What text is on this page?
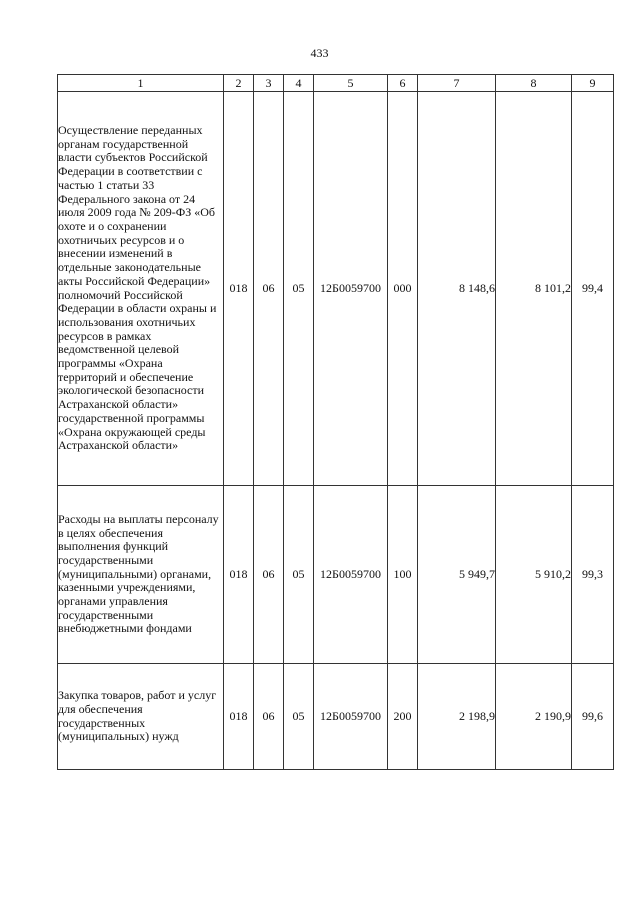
433
1	2	3	4	5	6	7	8	9
Осуществление переданных органам государственной власти субъектов Российской Федерации в соответствии с частью 1 статьи 33 Федерального закона от 24 июля 2009 года № 209-ФЗ «Об охоте и о сохранении охотничьих ресурсов и о внесении изменений в отдельные законодательные акты Российской Федерации» полномочий Российской Федерации в области охраны и использования охотничьих ресурсов в рамках ведомственной целевой программы «Охрана территорий и обеспечение экологической безопасности Астраханской области» государственной программы «Охрана окружающей среды Астраханской области»	018	06	05	12Б0059700	000	8 148,6	8 101,2	99,4
Расходы на выплаты персоналу в целях обеспечения выполнения функций государственными (муниципальными) органами, казенными учреждениями, органами управления государственными внебюджетными фондами	018	06	05	12Б0059700	100	5 949,7	5 910,2	99,3
Закупка товаров, работ и услуг для обеспечения государственных (муниципальных) нужд	018	06	05	12Б0059700	200	2 198,9	2 190,9	99,6
